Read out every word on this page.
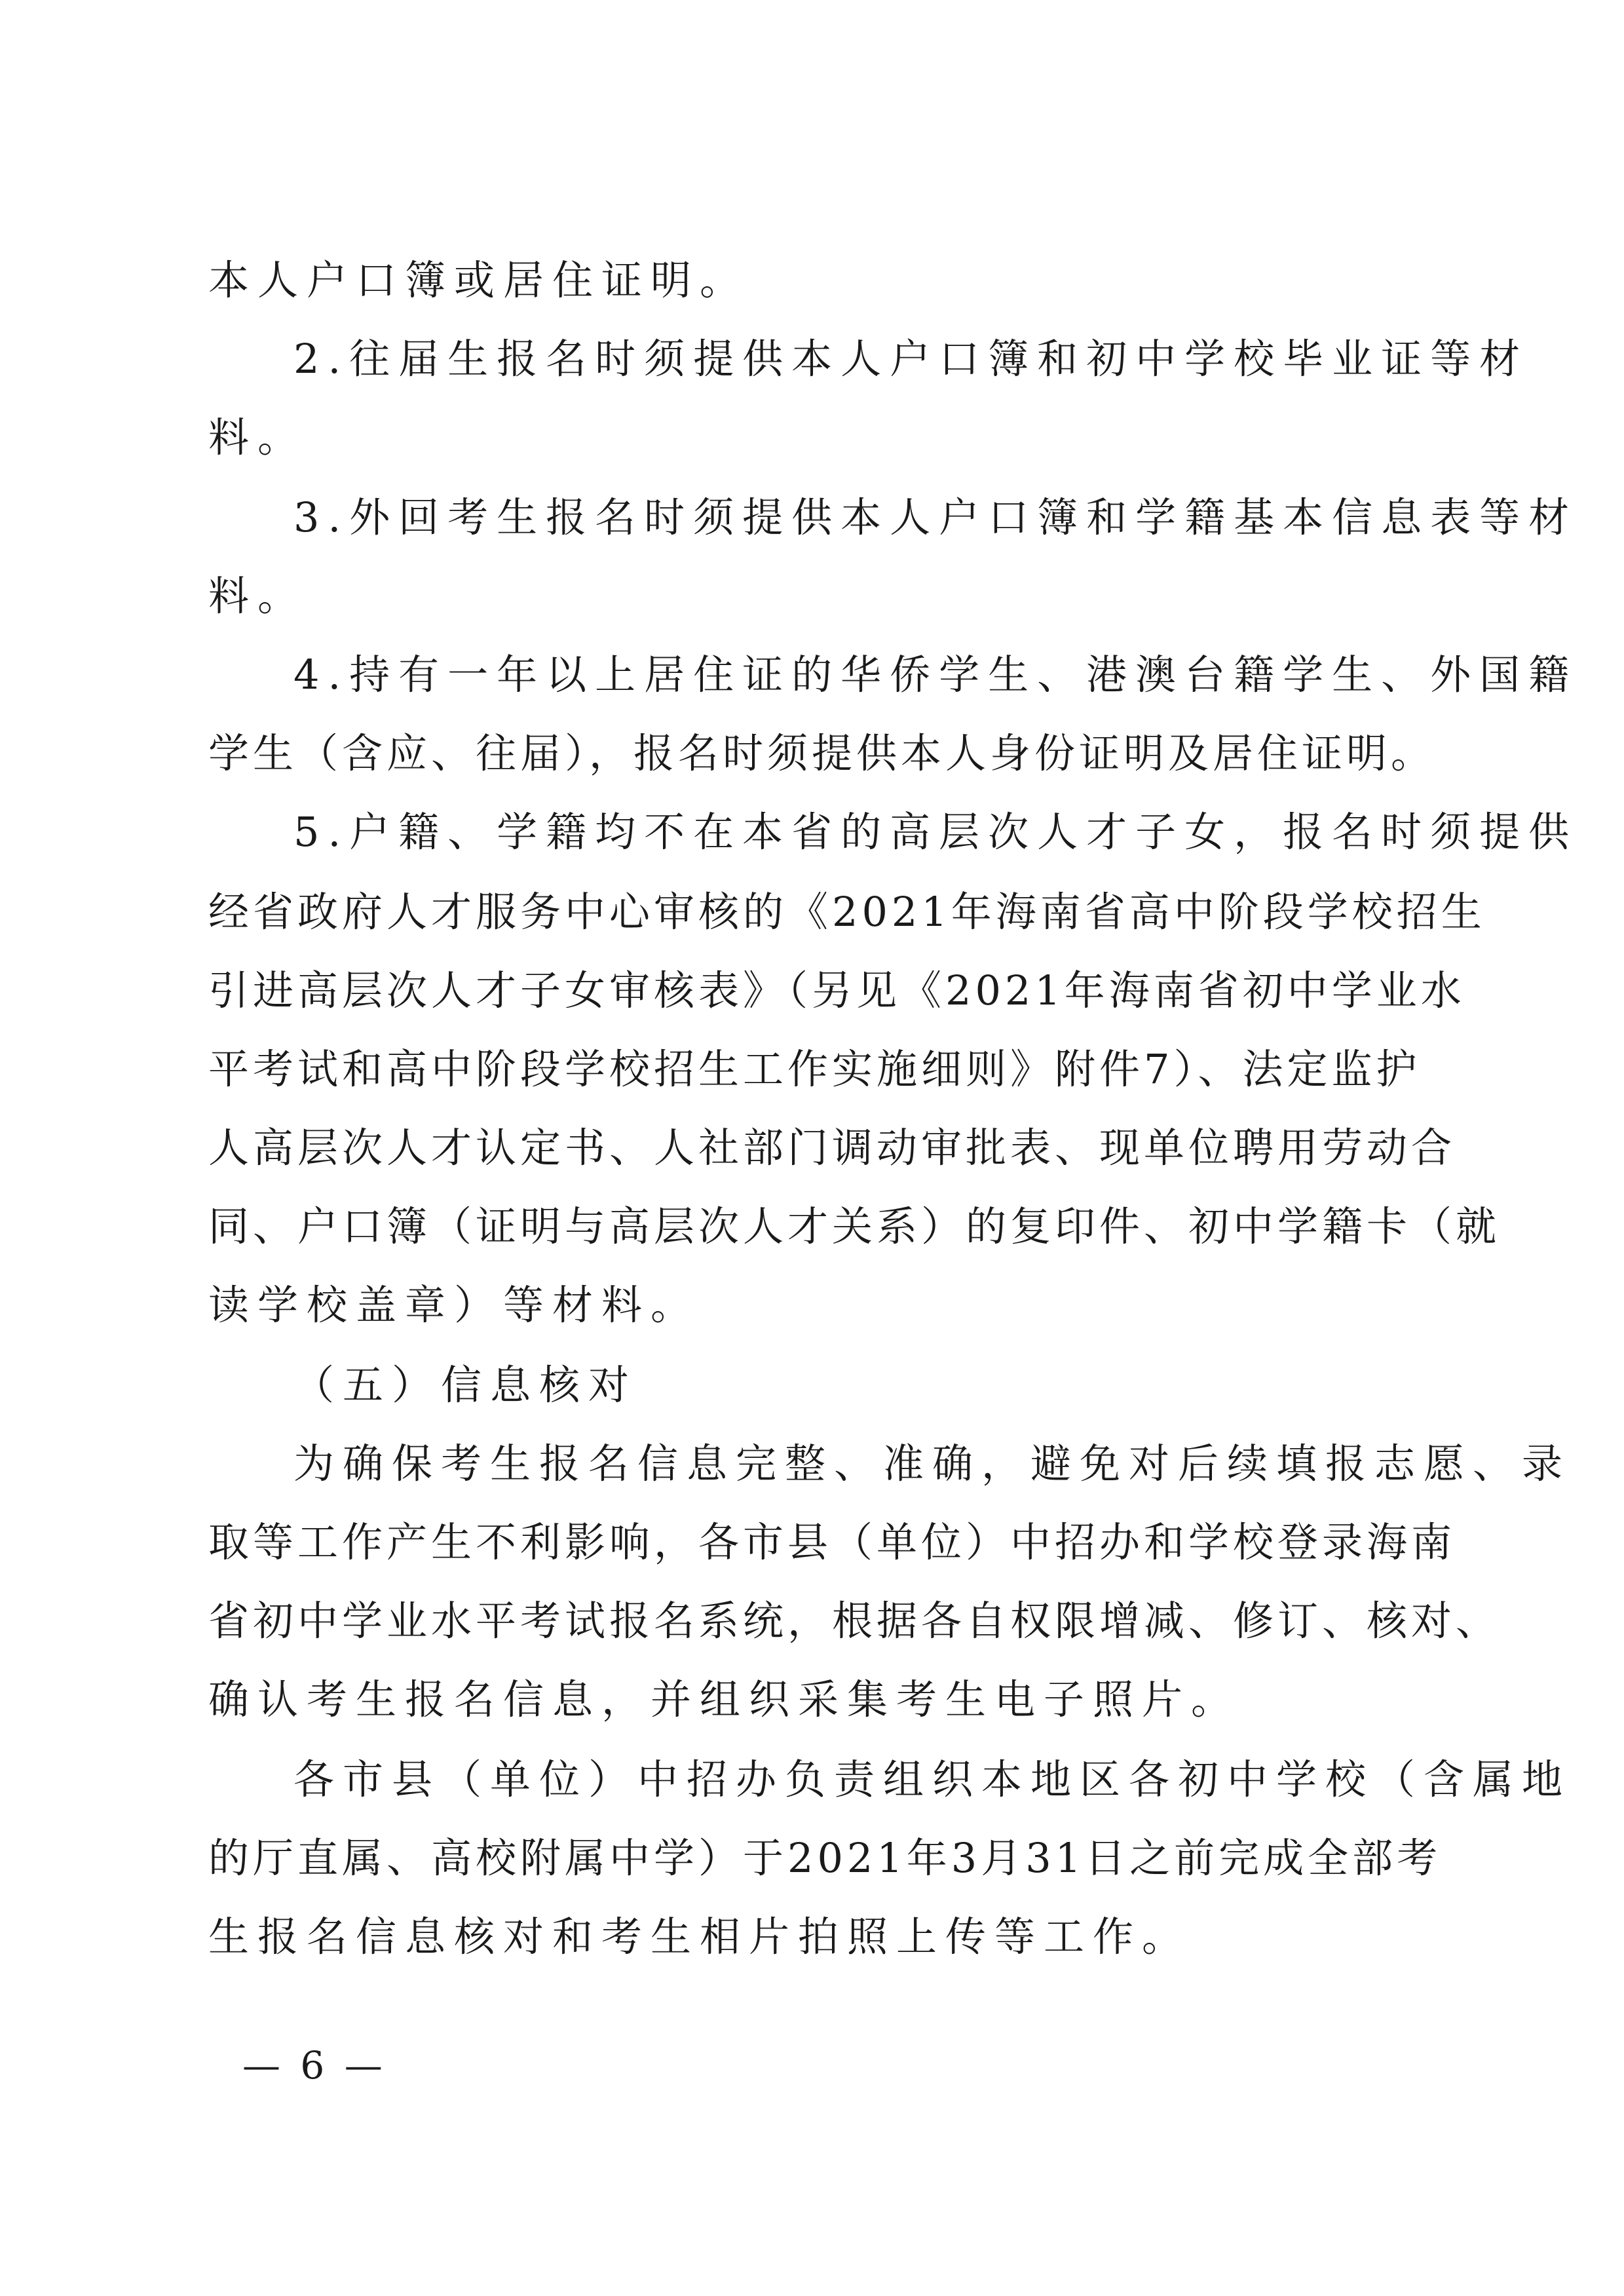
本人户口簿或居住证明。
2.往届生报名时须提供本人户口簿和初中学校毕业证等材
料。
3.外回考生报名时须提供本人户口簿和学籍基本信息表等材
料。
4.持有一年以上居住证的华侨学生、港澳台籍学生、外国籍
学生（含应、往届），报名时须提供本人身份证明及居住证明。
5.户籍、学籍均不在本省的高层次人才子女，报名时须提供
经省政府人才服务中心审核的《2021年海南省高中阶段学校招生
引进高层次人才子女审核表》（另见《2021年海南省初中学业水
平考试和高中阶段学校招生工作实施细则》附件7）、法定监护
人高层次人才认定书、人社部门调动审批表、现单位聘用劳动合
同、户口簿（证明与高层次人才关系）的复印件、初中学籍卡（就
读学校盖章）等材料。
（五）信息核对
为确保考生报名信息完整、准确，避免对后续填报志愿、录
取等工作产生不利影响，各市县（单位）中招办和学校登录海南
省初中学业水平考试报名系统，根据各自权限增减、修订、核对、
确认考生报名信息，并组织采集考生电子照片。
各市县（单位）中招办负责组织本地区各初中学校（含属地
的厅直属、高校附属中学）于2021年3月31日之前完成全部考
生报名信息核对和考生相片拍照上传等工作。
— 6 —
